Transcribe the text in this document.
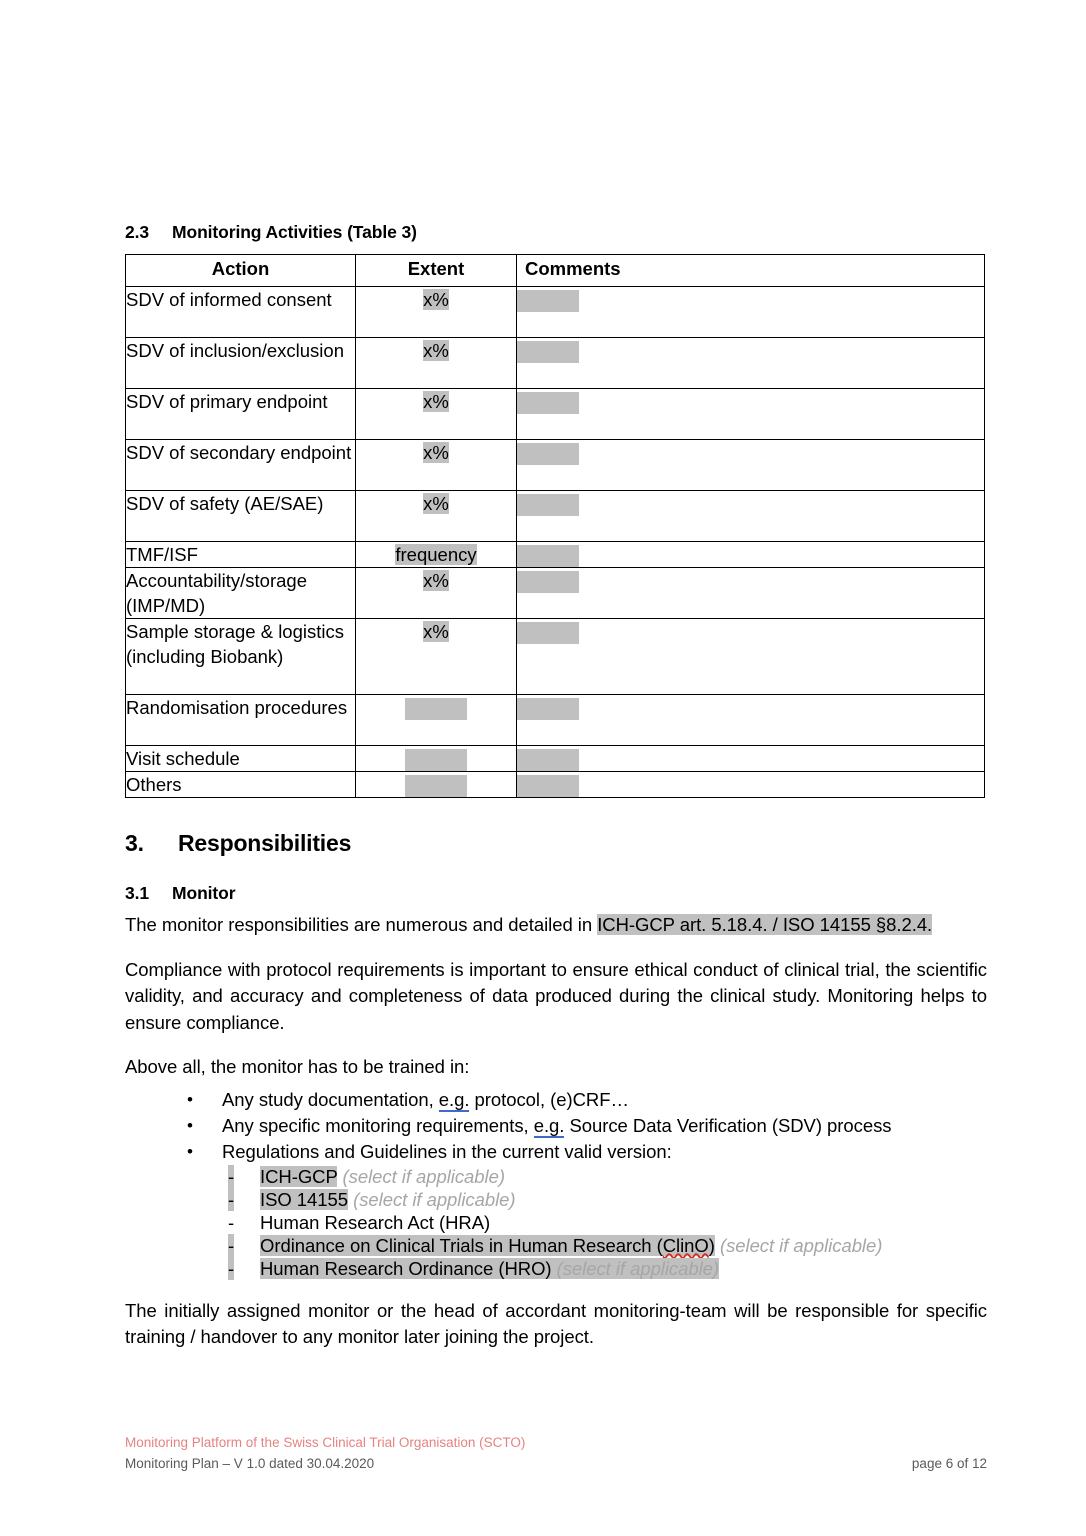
2.3	Monitoring Activities (Table 3)
Action	Extent	Comments
SDV of informed consent	x%	
SDV of inclusion/exclusion	x%	
SDV of primary endpoint	x%	
SDV of secondary endpoint	x%	
SDV of safety (AE/SAE)	x%	
TMF/ISF	frequency	
Accountability/storage (IMP/MD)	x%	
Sample storage & logistics (including Biobank)	x%	
Randomisation procedures		
Visit schedule		
Others		
3.	Responsibilities
3.1	Monitor

The monitor responsibilities are numerous and detailed in ICH-GCP art. 5.18.4. / ISO 14155 §8.2.4.

Compliance with protocol requirements is important to ensure ethical conduct of clinical trial, the scientific validity, and accuracy and completeness of data produced during the clinical study. Monitoring helps to ensure compliance.

Above all, the monitor has to be trained in:

• Any study documentation, e.g. protocol, (e)CRF…
• Any specific monitoring requirements, e.g. Source Data Verification (SDV) process
• Regulations and Guidelines in the current valid version:
- ICH-GCP (select if applicable)
- ISO 14155 (select if applicable)
- Human Research Act (HRA)
- Ordinance on Clinical Trials in Human Research (ClinO) (select if applicable)
- Human Research Ordinance (HRO) (select if applicable)

The initially assigned monitor or the head of accordant monitoring-team will be responsible for specific training / handover to any monitor later joining the project.

Monitoring Platform of the Swiss Clinical Trial Organisation (SCTO)
Monitoring Plan – V 1.0 dated 30.04.2020	page 6 of 12
